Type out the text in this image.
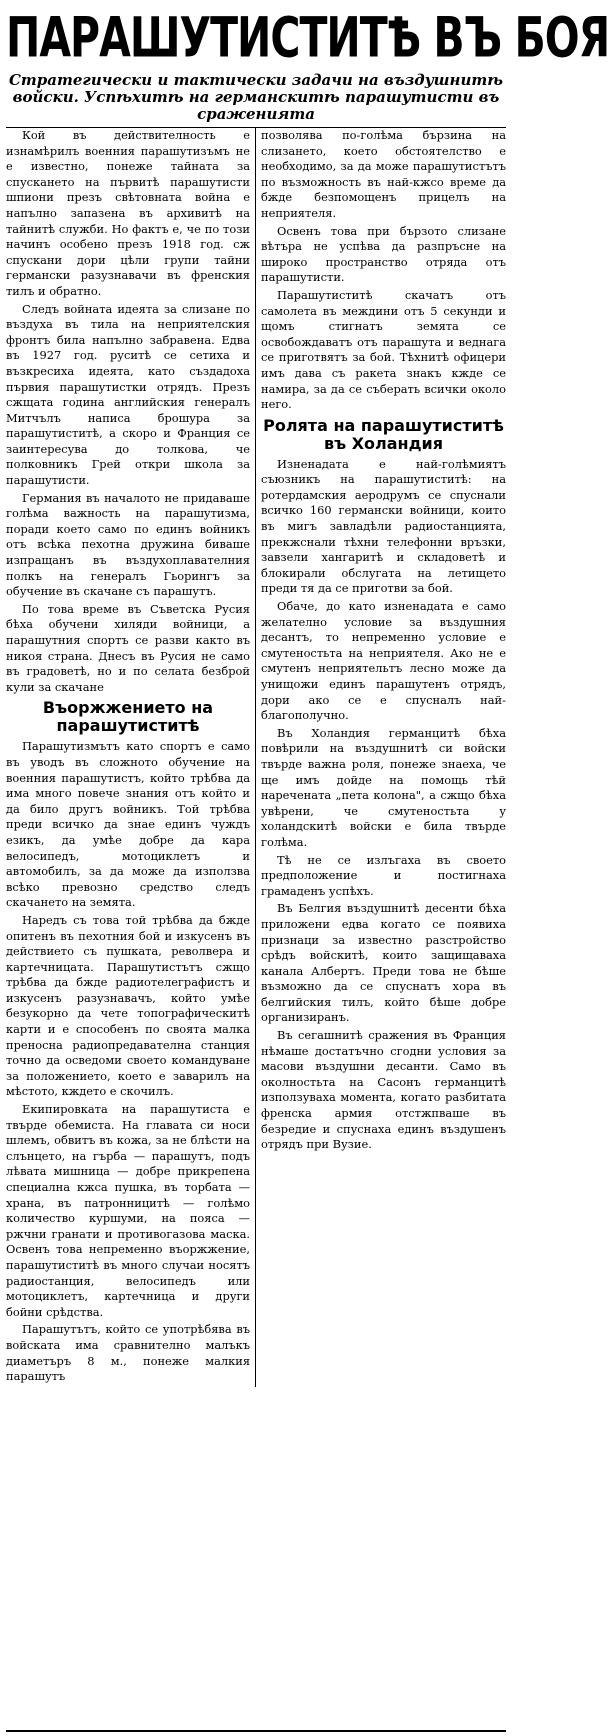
ПАРАШУТИСТИТѢ ВЪ БОЯ
Стратегически и тактически задачи на въздушнитѣ войски. Успѣхитѣ на германскитѣ парашутисти въ сраженията

Кой въ действителность е изнамѣрилъ военния парашутизъмъ не е известно, понеже тайната за спускането на първитѣ парашутисти шпиони презъ свѣтовната война е напълно запазена въ архивитѣ на тайнитѣ служби. Но фактъ е, че по този начинъ особено презъ 1918 год. сж спускани дори цѣли групи тайни германски разузнавачи въ френския тилъ и обратно.

Следъ войната идеята за слизане по въздуха въ тила на неприятелския фронтъ била напълно забравена. Едва въ 1927 год. руситѣ се сетиха и възкресиха идеята, като създадоха първия парашутистки отрядъ. Презъ сжщата година английския генералъ Митчълъ написа брошура за парашутиститѣ, а скоро и Франция се заинтересува до толкова, че полковникъ Грей откри школа за парашутисти.

Германия въ началото не придаваше голѣма важность на парашутизма, поради което само по единъ войникъ отъ всѣка пехотна дружина биваше изпращанъ въ въздухоплавателния полкъ на генералъ Гьорингъ за обучение въ скачане съ парашутъ.

По това време въ Съветска Русия бѣха обучени хиляди войници, а парашутния спортъ се разви както въ никоя страна. Днесъ въ Русия не само въ градоветѣ, но и по селата безброй кули за скачане

Въоржжението на парашутиститѣ

Парашутизмътъ като спортъ е само въ уводъ въ сложното обучение на военния парашутистъ, който трѣбва да има много повече знания отъ който и да било другъ войникъ. Той трѣбва преди всичко да знае единъ чуждъ езикъ, да умѣе добре да кара велосипедъ, мотоциклетъ и автомобилъ, за да може да използва всѣко превозно средство следъ скачането на земята.

Наредъ съ това той трѣбва да бжде опитенъ въ пехотния бой и изкусенъ въ действието съ пушката, револвера и картечницата. Парашутистътъ сжщо трѣбва да бжде радиотелеграфистъ и изкусенъ разузнавачъ, който умѣе безукорно да чете топографическитѣ карти и е способенъ по своята малка преносна радиопредавателна станция точно да осведоми своето командуване за положението, което е заварилъ на мѣстото, кждето е скочилъ.

Екипировката на парашутиста е твърде обемиста. На главата си носи шлемъ, обвитъ въ кожа, за не блѣсти на слънцето, на гърба — парашутъ, подъ лѣвата мишница — добре прикрепена специална кжса пушка, въ торбата — храна, въ патронницитѣ — голѣмо количество куршуми, на пояса — ржчни гранати и противогазова маска. Освенъ това непременно въоржжение, парашутиститѣ въ много случаи носятъ радиостанция, велосипедъ или мотоциклетъ, картечница и други бойни срѣдства.

Парашутътъ, който се употрѣбява въ войската има сравнително малъкъ диаметъръ 8 м., понеже малкия парашутъ

позволява по-голѣма бързина на слизането, което обстоятелство е необходимо, за да може парашутистътъ по възможность въ най-кжсо време да бжде безпомощенъ прицелъ на неприятеля.

Освенъ това при бързото слизане вѣтъра не успѣва да разпръсне на широко пространство отряда отъ парашутисти.

Парашутиститѣ скачатъ отъ самолета въ междини отъ 5 секунди и щомъ стигнатъ земята се освобождаватъ отъ парашута и веднага се приготвятъ за бой. Тѣхнитѣ офицери имъ дава съ ракета знакъ кжде се намира, за да се съберать всички около него.

Ролята на парашутиститѣ въ Холандия

Изненадата е най-голѣмиятъ съюзникъ на парашутиститѣ: на ротердамския аеродрумъ се спуснали всичко 160 германски войници, които въ мигъ завладѣли радиостанцията, прекжснали тѣхни телефонни връзки, завзели хангаритѣ и складоветѣ и блокирали обслугата на летището преди тя да се приготви за бой.

Обаче, до като изненадата е само желателно условие за въздушния десантъ, то непременно условие е смутеностьта на неприятеля. Ако не е смутенъ неприятельтъ лесно може да унищожи единъ парашутенъ отрядъ, дори ако се е спусналъ най-благополучно.

Въ Холандия германцитѣ бѣха повѣрили на въздушнитѣ си войски твърде важна роля, понеже знаеха, че ще имъ дойде на помощь тѣй наречената „пета колона", а сжщо бѣха увѣрени, че смутеностьта у холандскитѣ войски е била твърде голѣма.

Тѣ не се излъгаха въ своето предположение и постигнаха грамаденъ успѣхъ.

Въ Белгия въздушнитѣ десенти бѣха приложени едва когато се появиха признаци за известно разстройство срѣдъ войскитѣ, които защищаваха канала Албертъ. Преди това не бѣше възможно да се спуснатъ хора въ белгийския тилъ, който бѣше добре организиранъ.

Въ сегашнитѣ сражения въ Франция нѣмаше достатъчно сгодни условия за масови въздушни десанти. Само въ околностьта на Сасонъ германцитѣ използуваха момента, когато разбитата френска армия отстжпваше въ безредие и спуснаха единъ въздушенъ отрядъ при Вузие.
